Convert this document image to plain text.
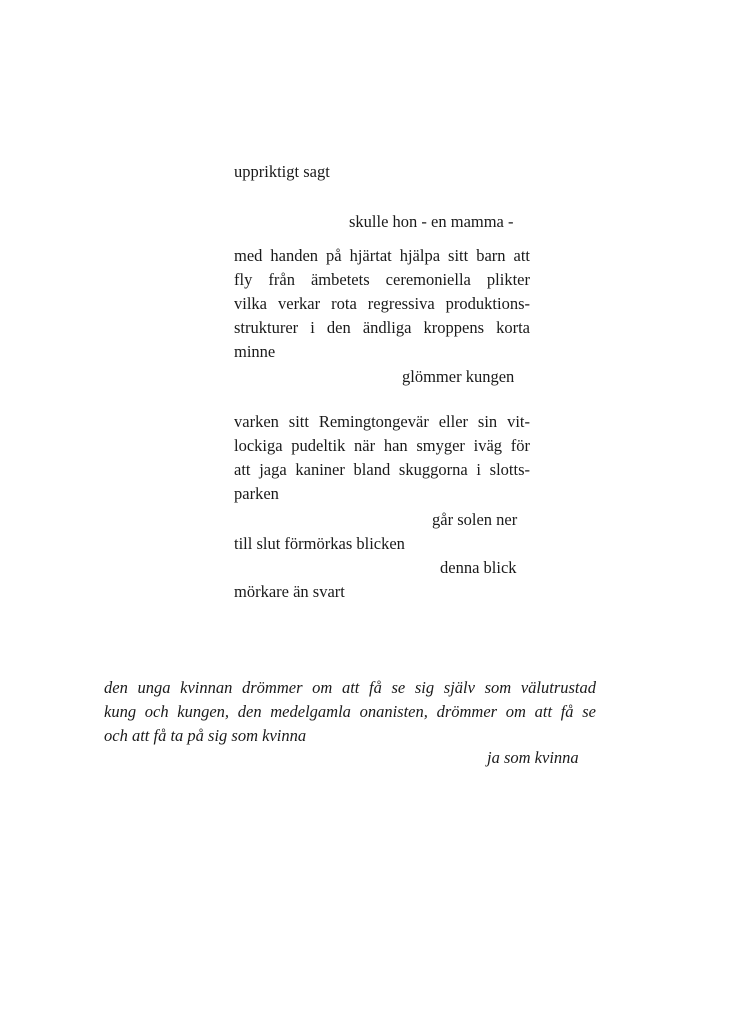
uppriktigt sagt
skulle hon - en mamma -
med handen på hjärtat hjälpa sitt barn att
fly från ämbetets ceremoniella plikter
vilka verkar rota regressiva produktions-
strukturer i den ändliga kroppens korta
minne
glömmer kungen
varken sitt Remingtongevär eller sin vit-
lockiga pudeltik när han smyger iväg för
att jaga kaniner bland skuggorna i slotts-
parken
går solen ner
till slut förmörkas blicken
denna blick
mörkare än svart
den unga kvinnan drömmer om att få se sig själv som välutrustad
kung och kungen, den medelgamla onanisten, drömmer om att få se
och att få ta på sig som kvinna
ja som kvinna
